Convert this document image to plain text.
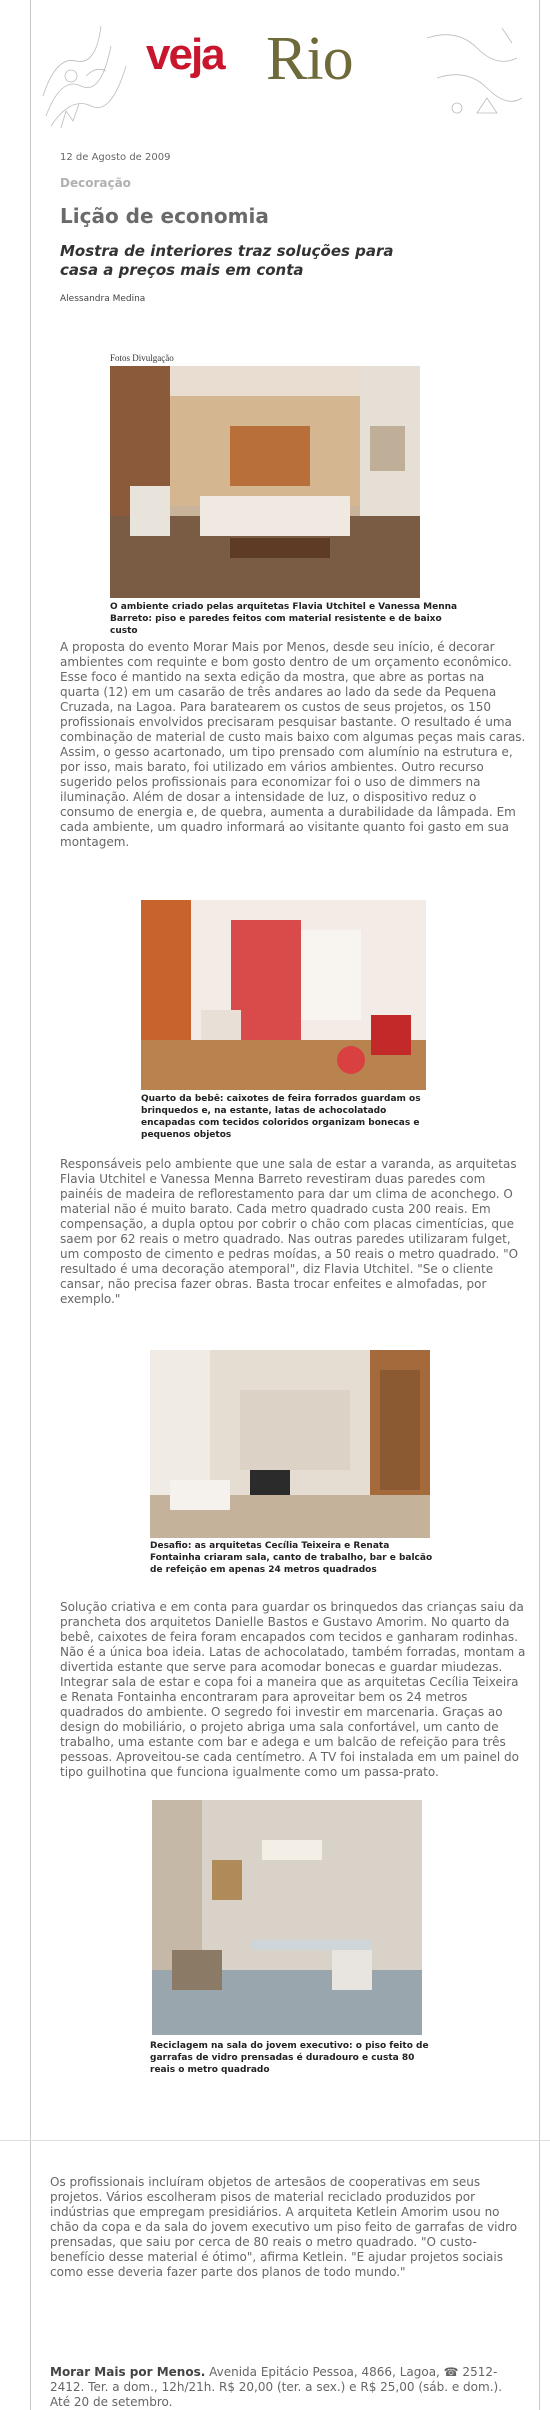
veja Rio
12 de Agosto de 2009
Decoração
Lição de economia
Mostra de interiores traz soluções para casa a preços mais em conta
Alessandra Medina
Fotos Divulgação
O ambiente criado pelas arquitetas Flavia Utchitel e Vanessa Menna Barreto: piso e paredes feitos com material resistente e de baixo custo
A proposta do evento Morar Mais por Menos, desde seu início, é decorar ambientes com requinte e bom gosto dentro de um orçamento econômico. Esse foco é mantido na sexta edição da mostra, que abre as portas na quarta (12) em um casarão de três andares ao lado da sede da Pequena Cruzada, na Lagoa. Para baratearem os custos de seus projetos, os 150 profissionais envolvidos precisaram pesquisar bastante. O resultado é uma combinação de material de custo mais baixo com algumas peças mais caras. Assim, o gesso acartonado, um tipo prensado com alumínio na estrutura e, por isso, mais barato, foi utilizado em vários ambientes. Outro recurso sugerido pelos profissionais para economizar foi o uso de dimmers na iluminação. Além de dosar a intensidade de luz, o dispositivo reduz o consumo de energia e, de quebra, aumenta a durabilidade da lâmpada. Em cada ambiente, um quadro informará ao visitante quanto foi gasto em sua montagem.
Quarto da bebê: caixotes de feira forrados guardam os brinquedos e, na estante, latas de achocolatado encapadas com tecidos coloridos organizam bonecas e pequenos objetos
Responsáveis pelo ambiente que une sala de estar a varanda, as arquitetas Flavia Utchitel e Vanessa Menna Barreto revestiram duas paredes com painéis de madeira de reflorestamento para dar um clima de aconchego. O material não é muito barato. Cada metro quadrado custa 200 reais. Em compensação, a dupla optou por cobrir o chão com placas cimentícias, que saem por 62 reais o metro quadrado. Nas outras paredes utilizaram fulget, um composto de cimento e pedras moídas, a 50 reais o metro quadrado. "O resultado é uma decoração atemporal", diz Flavia Utchitel. "Se o cliente cansar, não precisa fazer obras. Basta trocar enfeites e almofadas, por exemplo."
Desafio: as arquitetas Cecília Teixeira e Renata Fontainha criaram sala, canto de trabalho, bar e balcão de refeição em apenas 24 metros quadrados
Solução criativa e em conta para guardar os brinquedos das crianças saiu da prancheta dos arquitetos Danielle Bastos e Gustavo Amorim. No quarto da bebê, caixotes de feira foram encapados com tecidos e ganharam rodinhas. Não é a única boa ideia. Latas de achocolatado, também forradas, montam a divertida estante que serve para acomodar bonecas e guardar miudezas. Integrar sala de estar e copa foi a maneira que as arquitetas Cecília Teixeira e Renata Fontainha encontraram para aproveitar bem os 24 metros quadrados do ambiente. O segredo foi investir em marcenaria. Graças ao design do mobiliário, o projeto abriga uma sala confortável, um canto de trabalho, uma estante com bar e adega e um balcão de refeição para três pessoas. Aproveitou-se cada centímetro. A TV foi instalada em um painel do tipo guilhotina que funciona igualmente como um passa-prato.
Reciclagem na sala do jovem executivo: o piso feito de garrafas de vidro prensadas é duradouro e custa 80 reais o metro quadrado
Os profissionais incluíram objetos de artesãos de cooperativas em seus projetos. Vários escolheram pisos de material reciclado produzidos por indústrias que empregam presidiários. A arquiteta Ketlein Amorim usou no chão da copa e da sala do jovem executivo um piso feito de garrafas de vidro prensadas, que saiu por cerca de 80 reais o metro quadrado. "O custo-benefício desse material é ótimo", afirma Ketlein. "E ajudar projetos sociais como esse deveria fazer parte dos planos de todo mundo."
Morar Mais por Menos. Avenida Epitácio Pessoa, 4866, Lagoa, ☎ 2512-2412. Ter. a dom., 12h/21h. R$ 20,00 (ter. a sex.) e R$ 25,00 (sáb. e dom.). Até 20 de setembro.
